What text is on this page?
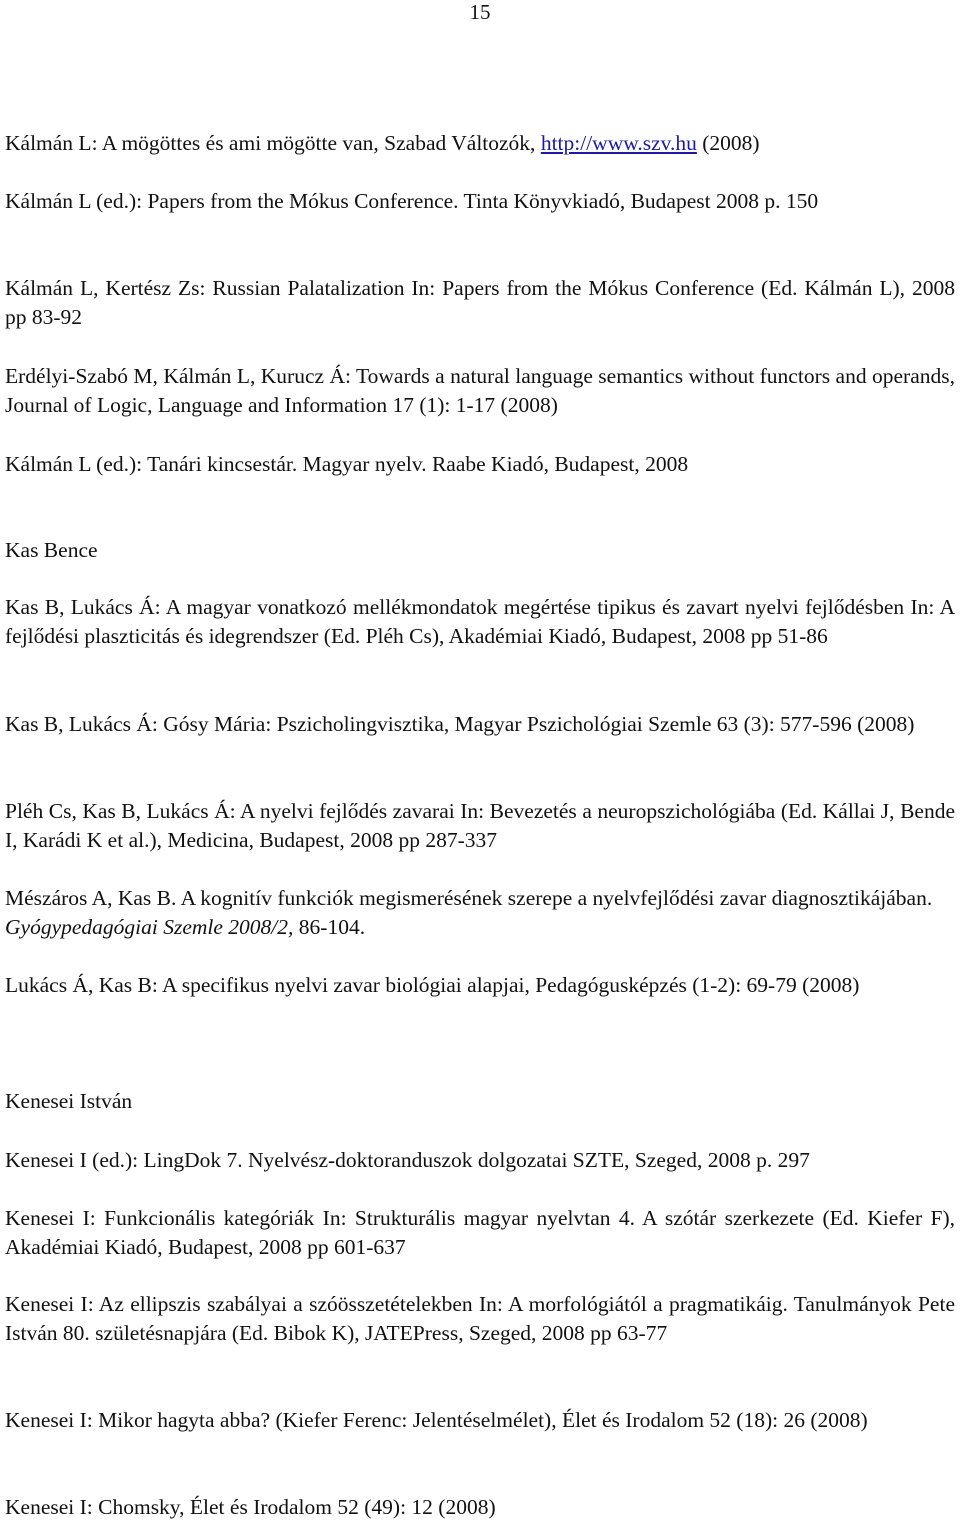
15

Kálmán L: A mögöttes és ami mögötte van, Szabad Változók, http://www.szv.hu (2008)

Kálmán L (ed.): Papers from the Mókus Conference. Tinta Könyvkiadó, Budapest 2008 p. 150

Kálmán L, Kertész Zs: Russian Palatalization In: Papers from the Mókus Conference (Ed. Kálmán L), 2008 pp 83-92

Erdélyi-Szabó M, Kálmán L, Kurucz Á: Towards a natural language semantics without functors and operands, Journal of Logic, Language and Information 17 (1): 1-17 (2008)

Kálmán L (ed.): Tanári kincsestár. Magyar nyelv. Raabe Kiadó, Budapest, 2008

Kas Bence

Kas B, Lukács Á: A magyar vonatkozó mellékmondatok megértése tipikus és zavart nyelvi fejlődésben In: A fejlődési plaszticitás és idegrendszer (Ed. Pléh Cs), Akadémiai Kiadó, Budapest, 2008 pp 51-86

Kas B, Lukács Á: Gósy Mária: Pszicholingvisztika, Magyar Pszichológiai Szemle 63 (3): 577-596 (2008)

Pléh Cs, Kas B, Lukács Á: A nyelvi fejlődés zavarai In: Bevezetés a neuropszichológiába (Ed. Kállai J, Bende I, Karádi K et al.), Medicina, Budapest, 2008 pp 287-337

Mészáros A, Kas B. A kognitív funkciók megismerésének szerepe a nyelvfejlődési zavar diagnosztikájában. Gyógypedagógiai Szemle 2008/2, 86-104.

Lukács Á, Kas B: A specifikus nyelvi zavar biológiai alapjai, Pedagógusképzés (1-2): 69-79 (2008)

Kenesei István

Kenesei I (ed.): LingDok 7. Nyelvész-doktoranduszok dolgozatai SZTE, Szeged, 2008 p. 297

Kenesei I: Funkcionális kategóriák In: Strukturális magyar nyelvtan 4. A szótár szerkezete (Ed. Kiefer F), Akadémiai Kiadó, Budapest, 2008 pp 601-637

Kenesei I: Az ellipszis szabályai a szóösszetételekben In: A morfológiától a pragmatikáig. Tanulmányok Pete István 80. születésnapjára (Ed. Bibok K), JATEPress, Szeged, 2008 pp 63-77

Kenesei I: Mikor hagyta abba? (Kiefer Ferenc: Jelentéselmélet), Élet és Irodalom 52 (18): 26 (2008)

Kenesei I: Chomsky, Élet és Irodalom 52 (49): 12 (2008)
